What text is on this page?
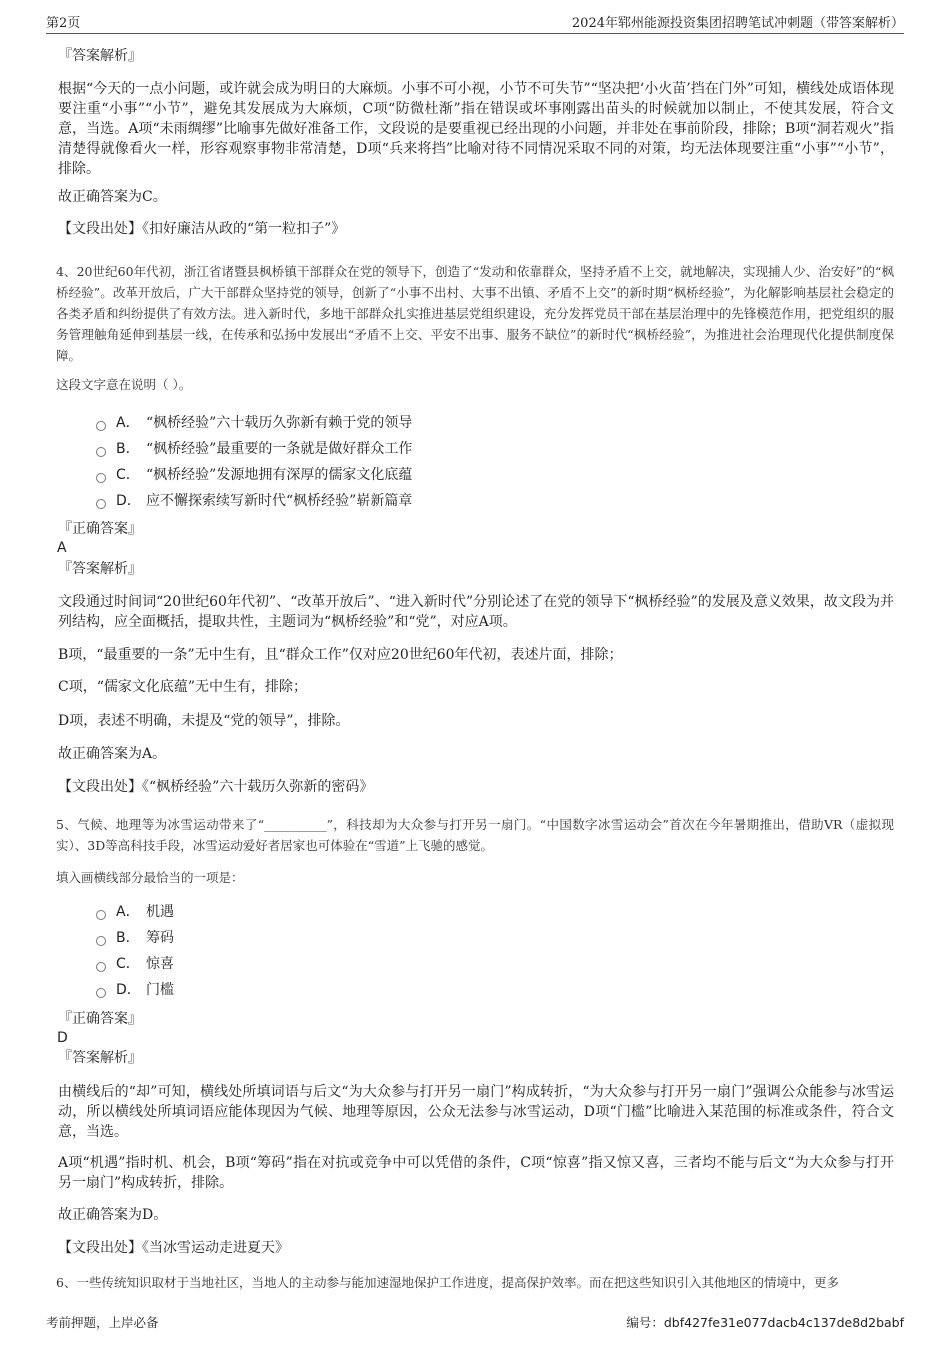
第2页	2024年郓州能源投资集团招聘笔试冲刺题（带答案解析）
『答案解析』
根据“今天的一点小问题，或许就会成为明日的大麻烦。小事不可小视，小节不可失节”“坚决把‘小火苗’挡在门外”可知，横线处成语体现要注重“小事”“小节”，避免其发展成为大麻烦，C项“防微杜渐”指在错误或坏事刚露出苗头的时候就加以制止，不使其发展，符合文意，当选。A项“未雨绸缪”比喻事先做好准备工作，文段说的是要重视已经出现的小问题，并非处在事前阶段，排除；B项“洞若观火”指清楚得就像看火一样，形容观察事物非常清楚，D项“兵来将挡”比喻对待不同情况采取不同的对策，均无法体现要注重“小事”“小节”，排除。
故正确答案为C。
【文段出处】《扣好廉洁从政的“第一粒扣子”》
4、20世纪60年代初，浙江省诸暨县枫桥镇干部群众在党的领导下，创造了“发动和依靠群众，坚持矛盾不上交，就地解决，实现捕人少、治安好”的“枫桥经验”。改革开放后，广大干部群众坚持党的领导，创新了“小事不出村、大事不出镇、矛盾不上交”的新时期“枫桥经验”，为化解影响基层社会稳定的各类矛盾和纠纷提供了有效方法。进入新时代，多地干部群众扎实推进基层党组织建设，充分发挥党员干部在基层治理中的先锋模范作用，把党组织的服务管理触角延伸到基层一线，在传承和弘扬中发展出“矛盾不上交、平安不出事、服务不缺位”的新时代“枫桥经验”，为推进社会治理现代化提供制度保障。
这段文字意在说明（ ）。
A． “枫桥经验”六十载历久弥新有赖于党的领导
B． “枫桥经验”最重要的一条就是做好群众工作
C． “枫桥经验”发源地拥有深厚的儒家文化底蕴
D． 应不懈探索续写新时代“枫桥经验”崭新篇章
『正确答案』
A
『答案解析』
文段通过时间词“20世纪60年代初”、“改革开放后”、“进入新时代”分别论述了在党的领导下“枫桥经验”的发展及意义效果，故文段为并列结构，应全面概括，提取共性，主题词为“枫桥经验”和“党”，对应A项。
B项，“最重要的一条”无中生有，且“群众工作”仅对应20世纪60年代初，表述片面，排除；
C项，“儒家文化底蕴”无中生有，排除；
D项，表述不明确，未提及“党的领导”，排除。
故正确答案为A。
【文段出处】《“枫桥经验”六十载历久弥新的密码》
5、气候、地理等为冰雪运动带来了“__________”，科技却为大众参与打开另一扇门。“中国数字冰雪运动会”首次在今年暑期推出，借助VR（虚拟现实）、3D等高科技手段，冰雪运动爱好者居家也可体验在“雪道”上飞驰的感觉。
填入画横线部分最恰当的一项是：
A． 机遇
B． 筹码
C． 惊喜
D． 门槛
『正确答案』
D
『答案解析』
由横线后的“却”可知，横线处所填词语与后文“为大众参与打开另一扇门”构成转折，“为大众参与打开另一扇门”强调公众能参与冰雪运动，所以横线处所填词语应能体现因为气候、地理等原因，公众无法参与冰雪运动，D项“门槛”比喻进入某范围的标准或条件，符合文意，当选。
A项“机遇”指时机、机会，B项“筹码”指在对抗或竞争中可以凭借的条件，C项“惊喜”指又惊又喜，三者均不能与后文“为大众参与打开另一扇门”构成转折，排除。
故正确答案为D。
【文段出处】《当冰雪运动走进夏天》
6、一些传统知识取材于当地社区，当地人的主动参与能加速湿地保护工作进度，提高保护效率。而在把这些知识引入其他地区的情境中，更多
考前押题，上岸必备	编号：dbf427fe31e077dacb4c137de8d2babf
